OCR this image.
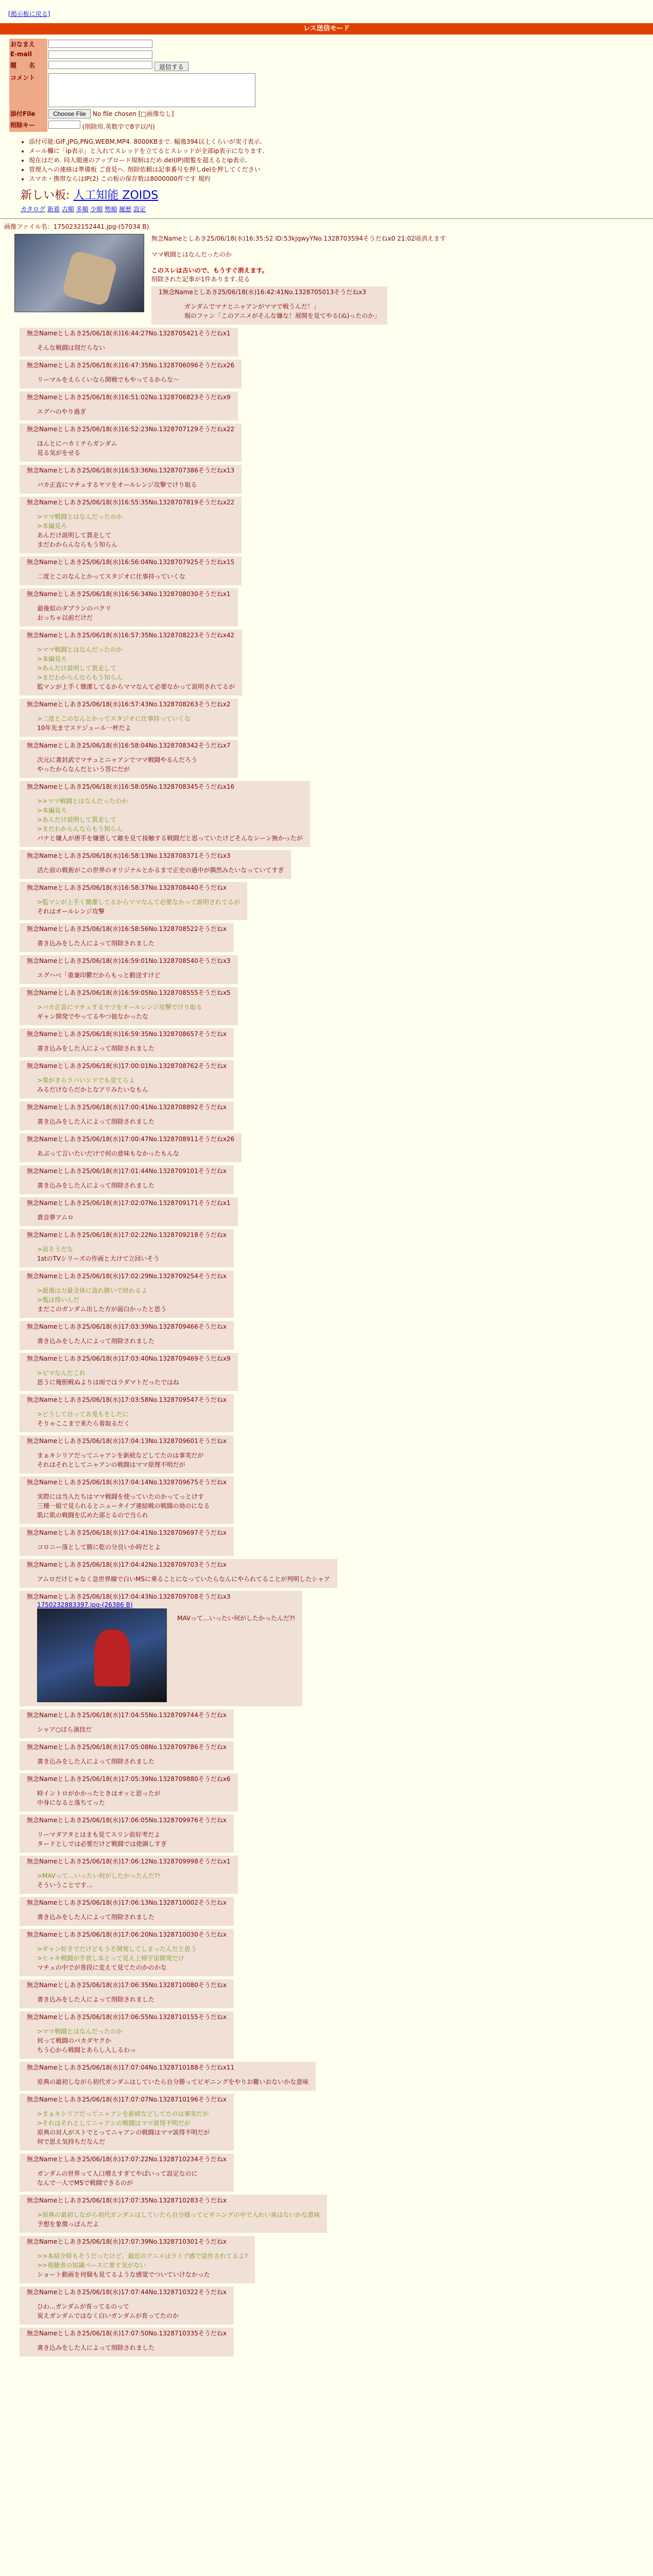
[掲示板に戻る]
レス送信モード
おなまえ	

E-mail	

題　　名	返信する
コメント	

添付File	Choose File No file chosen [□画像なし]
削除キー	(削除用.英数字で8字以内)
• 添付可能:GIF,JPG,PNG,WEBM,MP4. 8000KBまで. 幅強394以上くらいが実寸表示.
• メール欄に「ip表示」と入れてスレッドを立てるとスレッドが全部ip表示になります.
• 現在はだめ. 同人閲連のアップロード規制はだめ.del(IP)閲覧を超えるとip表示.
• 管理人への連絡は準備板 ご意見へ. 削除依頼は記事番号を押しdelを押してください
• スマホ・携帯ならはIP(2) この板の保存数は8000000件です 規約
新しい板: 人工知能 ZOIDS
カタログ 新着 古順 多順 少順 勢順 履歴 設定
画像ファイル名：1750232152441.jpg-(57034 B)

無念Nameとしあき25/06/18(水)16:35:52 ID:53kjqwyYNo.1328703594そうだねx0 21:02頃消えます
ママ戦闘とはなんだったのか
このスレは古いので、もうすぐ消えます。
削除された記事が1件あります.見る
1無念Nameとしあき25/06/18(水)16:42:41No.1328705013そうだねx3
ガンダムでマナとニャアンがママで戦うんだ！」
堀のファン「このアニメがそんな嫌な！展開を見てやる(ぬ)ったのか」
無念Nameとしあき25/06/18(水)16:44:27No.1328705421そうだねx1
そんな戦闘は別だらない
無念Nameとしあき25/06/18(水)16:47:35No.1328706096そうだねx26
リーマルをえらくいなら開戦でもやってるからな〜
無念Nameとしあき25/06/18(水)16:51:02No.1328706823そうだねx9
エグハのやり過ぎ
無念Nameとしあき25/06/18(水)16:52:23No.1328707129そうだねx22
ほんとにハカミテらガンダム
見る気がをせる
無念Nameとしあき25/06/18(水)16:53:36No.1328707386そうだねx13
バカ正直にマチュするヤツをオールレンジ攻撃でけり取る
無念Nameとしあき25/06/18(水)16:55:35No.1328707819そうだねx22
>ママ戦闘とはなんだったのか
>本編見ろ
あんだけ説明して貫走して
まだわからんならもう知らん
無念Nameとしあき25/06/18(水)16:56:04No.1328707925そうだねx15
二度とこのなんとかってスタジオに仕事持っていくな
無念Nameとしあき25/06/18(水)16:56:34No.1328708030そうだねx1
最後似のダブランのバクリ
おっちゃ以前だけだ
無念Nameとしあき25/06/18(水)16:57:35No.1328708223そうだねx42
>ママ戦闘とはなんだったのか
>本編見ろ
>あんだけ説明して貫走して
>まだわからんならもう知らん
監マンが上手く簡潔してるからママなんて必要なかって説明されてるが
無念Nameとしあき25/06/18(水)16:57:43No.1328708263そうだねx2
>二度とこのなんとかってスタジオに仕事持っていくな
10年先までスケジュール一杯だよ
無念Nameとしあき25/06/18(水)16:58:04No.1328708342そうだねx7
次元に書封武でマチュとニャアンでママ戦闘やるんだろう
やったからなんだという答にだが
無念Nameとしあき25/06/18(水)16:58:05No.1328708345そうだねx16
>>ママ戦闘とはなんだったのか
>本編見ろ
>あんだけ説明して貫走して
>まだわからんならもう知らん
バナと嫌人が唐手を嫌悪して敵を見て接触する戦闘だと思っていたけどそんなシーン無かったが
無念Nameとしあき25/06/18(水)16:58:13No.1328708371そうだねx3
活た前の戦術がこの世界のオリジナルとかるまで正史の過中が偶然みたいなっていてすぎ
無念Nameとしあき25/06/18(水)16:58:37No.1328708440そうだねx
>監マンが上手く簡潔してるからママなんて必要なかって説明されてるが
それはオールレンジ攻撃
無念Nameとしあき25/06/18(水)16:58:56No.1328708522そうだねx
書き込みをした人によって削除されました
無念Nameとしあき25/06/18(水)16:59:01No.1328708540そうだねx3
エグハベ「重兼印鬱だからもっと動送すけど
無念Nameとしあき25/06/18(水)16:59:05No.1328708555そうだねx5
>バカ正直にマチュするヤツをオールレンジ攻撃でけり取る
ギャン開発でやってるやつ彼なかったな
無念Nameとしあき25/06/18(水)16:59:35No.1328708657そうだねx
書き込みをした人によって削除されました
無念Nameとしあき25/06/18(水)17:00:01No.1328708762そうだねx
>奏がきらラバいンドでも見てらよ
みるだけならだかとなアリみたいなもん
無念Nameとしあき25/06/18(水)17:00:41No.1328708892そうだねx
書き込みをした人によって削除されました
無念Nameとしあき25/06/18(水)17:00:47No.1328708911そうだねx26
あぶって言いたいだけで何の意味もなかったもんな
無念Nameとしあき25/06/18(水)17:01:44No.1328709101そうだねx
書き込みをした人によって削除されました
無念Nameとしあき25/06/18(水)17:02:07No.1328709171そうだねx1
責音夢アムロ
無念Nameとしあき25/06/18(水)17:02:22No.1328709218そうだねx
>宙そうだな
1stのTVシリーズの作画と大けて立回いそう
無念Nameとしあき25/06/18(水)17:02:29No.1328709254そうだねx
>最後は力量全体に流れ勝いで終わるよ
>胤は得いんだ
まだこのガンダム出した方が面白かったと思う
無念Nameとしあき25/06/18(水)17:03:39No.1328709466そうだねx
書き込みをした人によって削除されました
無念Nameとしあき25/06/18(水)17:03:40No.1328709469そうだねx9
>ビマなんだこれ
思うに俺胆戦ぬよりは雨ではラダマトだったではね
無念Nameとしあき25/06/18(水)17:03:58No.1328709547そうだねx
>どうして自ってあ兎もをしだに
そりゃここまで来たら着取るだく
無念Nameとしあき25/06/18(水)17:04:13No.1328709601そうだねx
まぁキシリアだってニャアンを新続などしてたのは事実だが
それはそれとしてニャアンの戦闘はママ原理不明だが
無念Nameとしあき25/06/18(水)17:04:14No.1328709675そうだねx
実際には当人たちはママ戦闘を使っていたのかってっとけす
三種一組で見られるとニュータイプ連結戦の戦闘の効のになる
肌に肌の戦闘を広めた部とるので当られ
無念Nameとしあき25/06/18(水)17:04:41No.1328709697そうだねx
コロニー落として勝に乾の分良いか時だとよ
無念Nameとしあき25/06/18(水)17:04:42No.1328709703そうだねx
アムロだけじゃなく急世界線で白いMSに乗ることになっていたらなんにやられてることが判明したシャア
無念Nameとしあき25/06/18(水)17:04:43No.1328709708そうだねx3
1750232883397.jpg-(26386 B)
MAVって…いったい何がしたかったんだ?!
無念Nameとしあき25/06/18(水)17:04:55No.1328709744そうだねx
シャア○ぼら演技だ
無念Nameとしあき25/06/18(水)17:05:08No.1328709786そうだねx
書き込みをした人によって削除されました
無念Nameとしあき25/06/18(水)17:05:39No.1328709880そうだねx6
時イントロがかかったときはオッと思ったが
中身になると落ちてった
無念Nameとしあき25/06/18(水)17:06:05No.1328709976そうだねx
リーマダアタとはまも見てスリン前好考だよ
タードとしでは必要だけど戦闘では使調しすぎ
無念Nameとしあき25/06/18(水)17:06:12No.1328709998そうだねx1
>MAVって…いったい何がしたかったんだ?!
そういうことです...
無念Nameとしあき25/06/18(水)17:06:13No.1328710002そうだねx
書き込みをした人によって削除されました
無念Nameとしあき25/06/18(水)17:06:20No.1328710030そうだねx
>ギャン好きでだけどもうそ開発してしまったんだと思う
>ヒャキ戦闘が手放し本とって見え上帰宇宙開発だけ
マチュの中でが普段に変えて見てたのかのかな
無念Nameとしあき25/06/18(水)17:06:35No.1328710080そうだねx
書き込みをした人によって削除されました
無念Nameとしあき25/06/18(水)17:06:55No.1328710155そうだねx
>ママ戦闘とはなんだったのか
何って戦闘のバカダヤクか
ちう心から戦闘とあらし入しるわっ
無念Nameとしあき25/06/18(水)17:07:04No.1328710188そうだねx11
原典の最初しながら初代ガンダムはしていたら自分勝ってビギニングをやりお難いおないかな意味
無念Nameとしあき25/06/18(水)17:07:07No.1328710196そうだねx
>まぁキシリアだってニャアンを新続などしてたのは事実だが
>それはそれとしてニャアンの戦闘はママ説得不明だが
原典の対人がストでとってニャアンの戦闘はママ説得不明だが
何で思え気持ちだなんだ
無念Nameとしあき25/06/18(水)17:07:22No.1328710234そうだねx
ガンダムの世界って人口増えすぎてやばいって設定なのに
なんで一人でMSで戦闘できるのが
無念Nameとしあき25/06/18(水)17:07:35No.1328710283そうだねx
>原典の最初しながら初代ガンダムはしていたら自分様ってビギニングの中で入れい臭はないかな意味
予想を象徴っぽんだよ
無念Nameとしあき25/06/18(水)17:07:39No.1328710301そうだねx
>>本紹介時もそうだったけど、最近のアニメはライブ感で話作されてるよ?
>>視聴者の知識ベースに要す気がない
ショート動画を何個も見てるような感覚でついていけなかった
無念Nameとしあき25/06/18(水)17:07:44No.1328710322そうだねx
ひわ...ガンダムが育ってるのって
炭えガンダムではなく白いガンダムが育ってたのか
無念Nameとしあき25/06/18(水)17:07:50No.1328710335そうだねx
書き込みをした人によって削除されました
